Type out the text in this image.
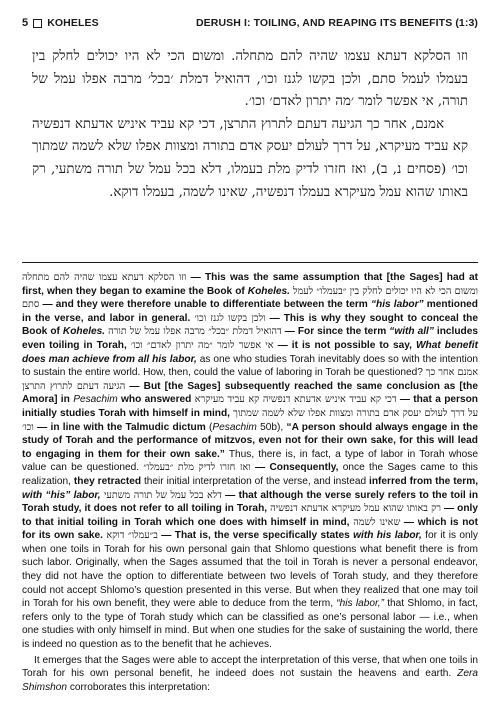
5 KOHELES	DERUSH I: TOILING, AND REAPING ITS BENEFITS (1:3)

וזו הסלקא דעתא עצמו שהיה להם מתחלה. ומשום הכי לא היו יכולים לחלק בין בעמלו לעמל סתם, ולכן בקשו לגנז וכו׳, דהואיל דמלת ׳בכל׳ מרבה אפלו עמל של תורה, אי אפשר לומר ׳מה יתרון לאדם׳ וכו׳.

אמנם, אחר כך הגיעה דעתם לתרוץ התרצן, דכי קא עביד איניש אדעתא דנפשיה קא עביד מעיקרא, על דרך לעולם יעסק אדם בתורה ומצוות אפלו שלא לשמה שמתוך וכו׳ (פסחים נ, ב), ואז חזרו לדיק מלת בעמלו, דלא בכל עמל של תורה משתעי, רק באותו שהוא עמל מעיקרא בעמלו דנפשיה, שאינו לשמה, בעמלו דוקא.

וזו הסלקא דעתא עצמו שהיה להם מתחלה — This was the same assumption that [the Sages] had at first, when they began to examine the Book of Koheles. ומשום הכי לא היו יכולים לחלק בין ״בעמלו״ לעמל סתם — and they were therefore unable to differentiate between the term “his labor” mentioned in the verse, and labor in general. ולכן בקשו לגנז וכו׳ — This is why they sought to conceal the Book of Koheles. דהואיל דמלת ״בכל״ מרבה אפלו עמל של תורה — For since the term “with all” includes even toiling in Torah, אי אפשר לומר ״מה יתרון לאדם״ וכו׳ — it is not possible to say, What benefit does man achieve from all his labor, as one who studies Torah inevitably does so with the intention to sustain the entire world. How, then, could the value of laboring in Torah be questioned? אמנם אחר כך הגיעה דעתם לתרוץ התרצן — But [the Sages] subsequently reached the same conclusion as [the Amora] in Pesachim who answered דכי קא עביד איניש אדעתא דנפשיה קא עביד מעיקרא — that a person initially studies Torah with himself in mind, על דרך לעולם יעסק אדם בתורה ומצוות אפלו שלא לשמה שמתוך וכו׳ — in line with the Talmudic dictum (Pesachim 50b), “A person should always engage in the study of Torah and the performance of mitzvos, even not for their own sake, for this will lead to engaging in them for their own sake.” Thus, there is, in fact, a type of labor in Torah whose value can be questioned. ואז חזרו לדיק מלת ״בעמלו״ — Consequently, once the Sages came to this realization, they retracted their initial interpretation of the verse, and instead inferred from the term, with “his” labor, דלא בכל עמל של תורה משתעי — that although the verse surely refers to the toil in Torah study, it does not refer to all toiling in Torah, רק באותו שהוא עמל מעיקרא אדעתא דנפשיה — only to that initial toiling in Torah which one does with himself in mind, שאינו לשמה — which is not for its own sake. ב״עמלו״ דוקא — That is, the verse specifically states with his labor, for it is only when one toils in Torah for his own personal gain that Shlomo questions what benefit there is from such labor. Originally, when the Sages assumed that the toil in Torah is never a personal endeavor, they did not have the option to differentiate between two levels of Torah study, and they therefore could not accept Shlomo’s question presented in this verse. But when they realized that one may toil in Torah for his own benefit, they were able to deduce from the term, “his labor,” that Shlomo, in fact, refers only to the type of Torah study which can be classified as one’s personal labor — i.e., when one studies with only himself in mind. But when one studies for the sake of sustaining the world, there is indeed no question as to the benefit that he achieves.

It emerges that the Sages were able to accept the interpretation of this verse, that when one toils in Torah for his own personal benefit, he indeed does not sustain the heavens and earth. Zera Shimshon corroborates this interpretation:
